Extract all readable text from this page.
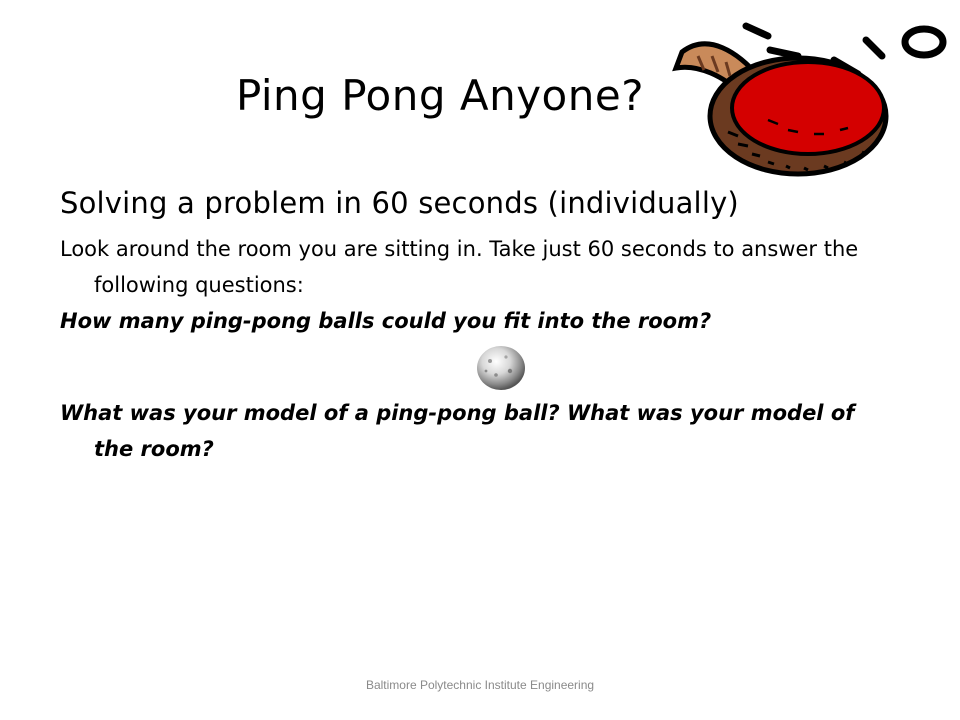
Ping Pong Anyone?
Solving a problem in 60 seconds (individually)
Look around the room you are sitting in. Take just 60 seconds to answer the following questions:
How many ping-pong balls could you fit into the room?
What was your model of a ping-pong ball? What was your model of the room?
Baltimore Polytechnic Institute Engineering
